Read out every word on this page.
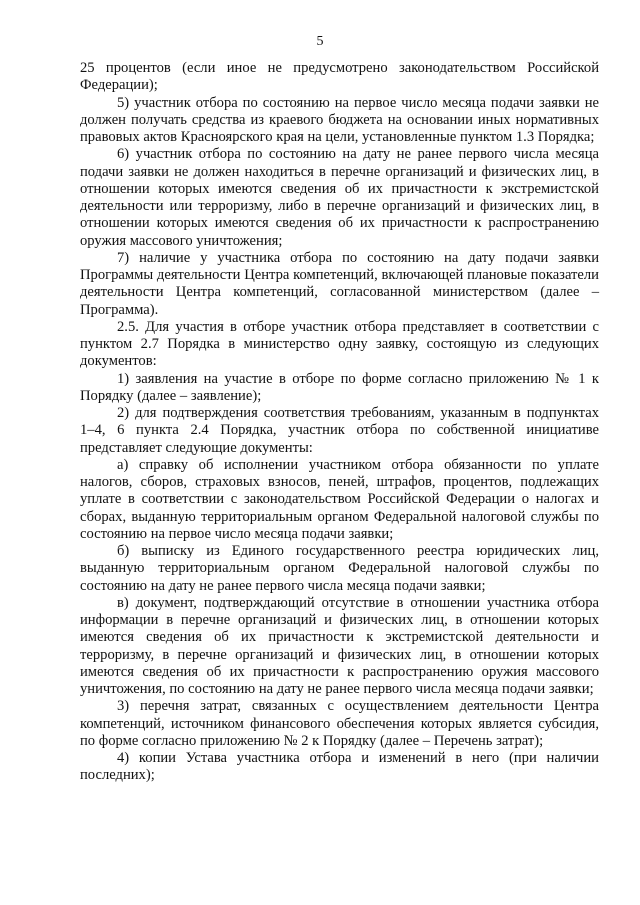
5

25 процентов (если иное не предусмотрено законодательством Российской Федерации);

5) участник отбора по состоянию на первое число месяца подачи заявки не должен получать средства из краевого бюджета на основании иных нормативных правовых актов Красноярского края на цели, установленные пунктом 1.3 Порядка;

6) участник отбора по состоянию на дату не ранее первого числа месяца подачи заявки не должен находиться в перечне организаций и физических лиц, в отношении которых имеются сведения об их причастности к экстремистской деятельности или терроризму, либо в перечне организаций и физических лиц, в отношении которых имеются сведения об их причастности к распространению оружия массового уничтожения;

7) наличие у участника отбора по состоянию на дату подачи заявки Программы деятельности Центра компетенций, включающей плановые показатели деятельности Центра компетенций, согласованной министерством (далее – Программа).

2.5. Для участия в отборе участник отбора представляет в соответствии с пунктом 2.7 Порядка в министерство одну заявку, состоящую из следующих документов:

1) заявления на участие в отборе по форме согласно приложению № 1 к Порядку (далее – заявление);

2) для подтверждения соответствия требованиям, указанным в подпунктах 1–4, 6 пункта 2.4 Порядка, участник отбора по собственной инициативе представляет следующие документы:

а) справку об исполнении участником отбора обязанности по уплате налогов, сборов, страховых взносов, пеней, штрафов, процентов, подлежащих уплате в соответствии с законодательством Российской Федерации о налогах и сборах, выданную территориальным органом Федеральной налоговой службы по состоянию на первое число месяца подачи заявки;

б) выписку из Единого государственного реестра юридических лиц, выданную территориальным органом Федеральной налоговой службы по состоянию на дату не ранее первого числа месяца подачи заявки;

в) документ, подтверждающий отсутствие в отношении участника отбора информации в перечне организаций и физических лиц, в отношении которых имеются сведения об их причастности к экстремистской деятельности и терроризму, в перечне организаций и физических лиц, в отношении которых имеются сведения об их причастности к распространению оружия массового уничтожения, по состоянию на дату не ранее первого числа месяца подачи заявки;

3) перечня затрат, связанных с осуществлением деятельности Центра компетенций, источником финансового обеспечения которых является субсидия, по форме согласно приложению № 2 к Порядку (далее – Перечень затрат);

4) копии Устава участника отбора и изменений в него (при наличии последних);
